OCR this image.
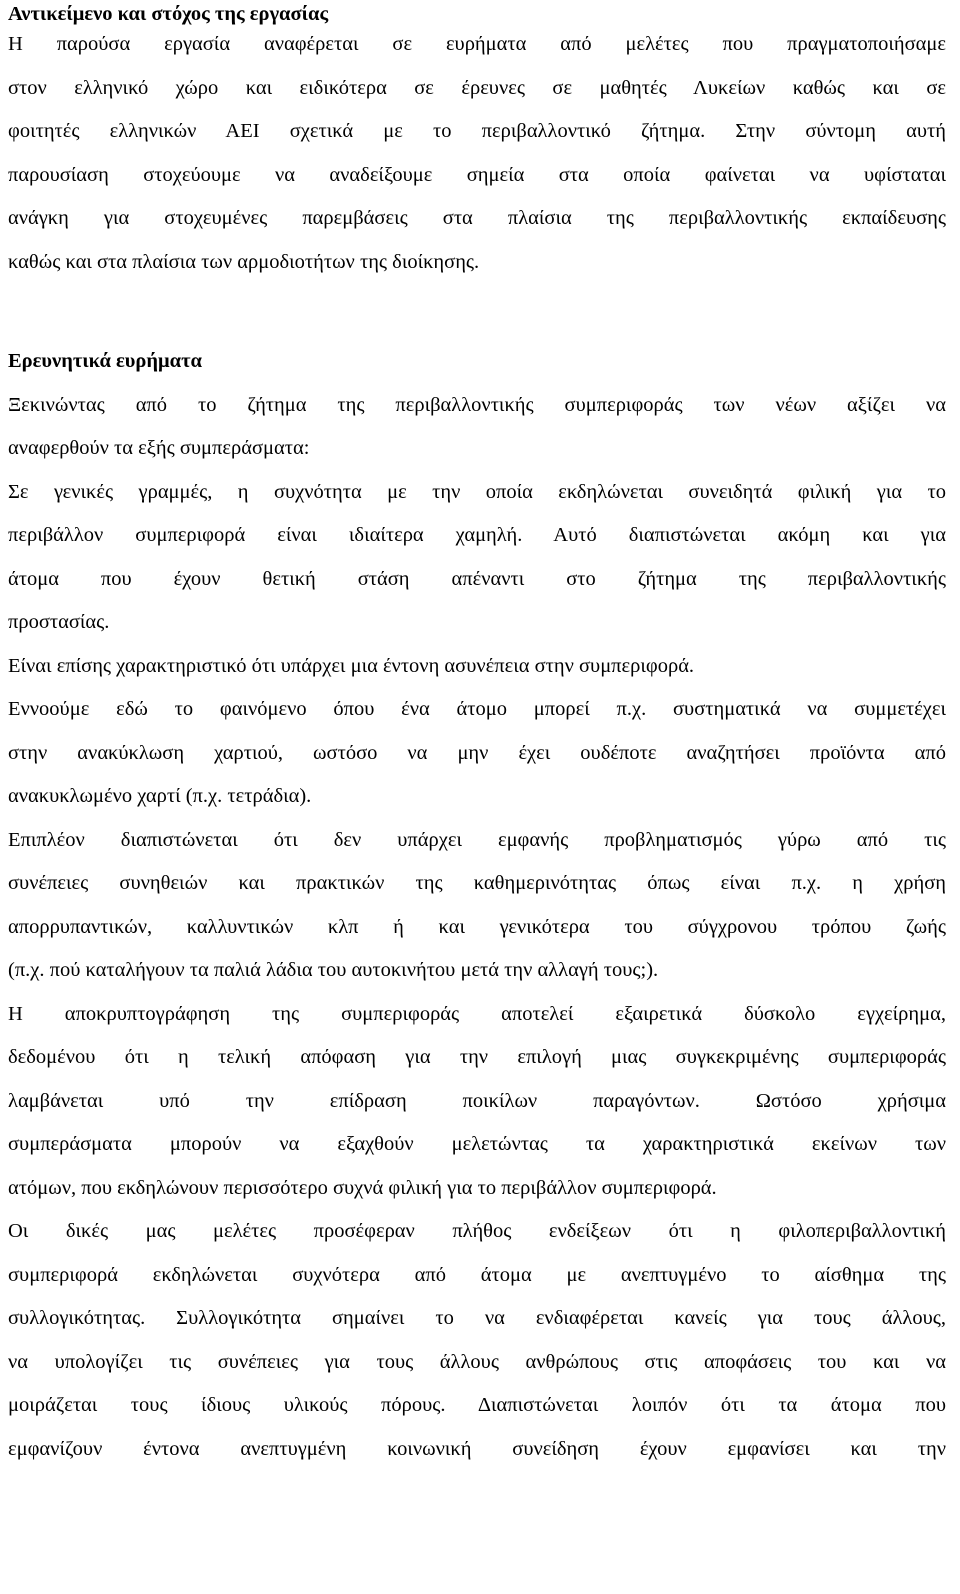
Αντικείμενο και στόχος της εργασίας
Η παρούσα εργασία αναφέρεται σε ευρήματα από μελέτες που πραγματοποιήσαμε
στον ελληνικό χώρο και ειδικότερα σε έρευνες σε μαθητές Λυκείων καθώς και σε
φοιτητές ελληνικών ΑΕΙ σχετικά με το περιβαλλοντικό ζήτημα. Στην σύντομη αυτή
παρουσίαση στοχεύουμε να αναδείξουμε σημεία στα οποία φαίνεται να υφίσταται
ανάγκη για στοχευμένες παρεμβάσεις στα πλαίσια της περιβαλλοντικής εκπαίδευσης
καθώς και στα πλαίσια των αρμοδιοτήτων της διοίκησης.
Ερευνητικά ευρήματα
Ξεκινώντας από το ζήτημα της περιβαλλοντικής συμπεριφοράς των νέων αξίζει να
αναφερθούν τα εξής συμπεράσματα:
Σε γενικές γραμμές, η συχνότητα με την οποία εκδηλώνεται συνειδητά φιλική για το
περιβάλλον συμπεριφορά είναι ιδιαίτερα χαμηλή. Αυτό διαπιστώνεται ακόμη και για
άτομα που έχουν θετική στάση απέναντι στο ζήτημα της περιβαλλοντικής
προστασίας.
Είναι επίσης χαρακτηριστικό ότι υπάρχει μια έντονη ασυνέπεια στην συμπεριφορά.
Εννοούμε εδώ το φαινόμενο όπου ένα άτομο μπορεί π.χ. συστηματικά να συμμετέχει
στην ανακύκλωση χαρτιού, ωστόσο να μην έχει ουδέποτε αναζητήσει προϊόντα από
ανακυκλωμένο χαρτί (π.χ. τετράδια).
Επιπλέον διαπιστώνεται ότι δεν υπάρχει εμφανής προβληματισμός γύρω από τις
συνέπειες συνηθειών και πρακτικών της καθημερινότητας όπως είναι π.χ. η χρήση
απορρυπαντικών, καλλυντικών κλπ ή και γενικότερα του σύγχρονου τρόπου ζωής
(π.χ. πού καταλήγουν τα παλιά λάδια του αυτοκινήτου μετά την αλλαγή τους;).
Η αποκρυπτογράφηση της συμπεριφοράς αποτελεί εξαιρετικά δύσκολο εγχείρημα,
δεδομένου ότι η τελική απόφαση για την επιλογή μιας συγκεκριμένης συμπεριφοράς
λαμβάνεται υπό την επίδραση ποικίλων παραγόντων. Ωστόσο χρήσιμα
συμπεράσματα μπορούν να εξαχθούν μελετώντας τα χαρακτηριστικά εκείνων των
ατόμων, που εκδηλώνουν περισσότερο συχνά φιλική για το περιβάλλον συμπεριφορά.
Οι δικές μας μελέτες προσέφεραν πλήθος ενδείξεων ότι η φιλοπεριβαλλοντική
συμπεριφορά εκδηλώνεται συχνότερα από άτομα με ανεπτυγμένο το αίσθημα της
συλλογικότητας. Συλλογικότητα σημαίνει το να ενδιαφέρεται κανείς για τους άλλους,
να υπολογίζει τις συνέπειες για τους άλλους ανθρώπους στις αποφάσεις του και να
μοιράζεται τους ίδιους υλικούς πόρους. Διαπιστώνεται λοιπόν ότι τα άτομα που
εμφανίζουν έντονα ανεπτυγμένη κοινωνική συνείδηση έχουν εμφανίσει και την
